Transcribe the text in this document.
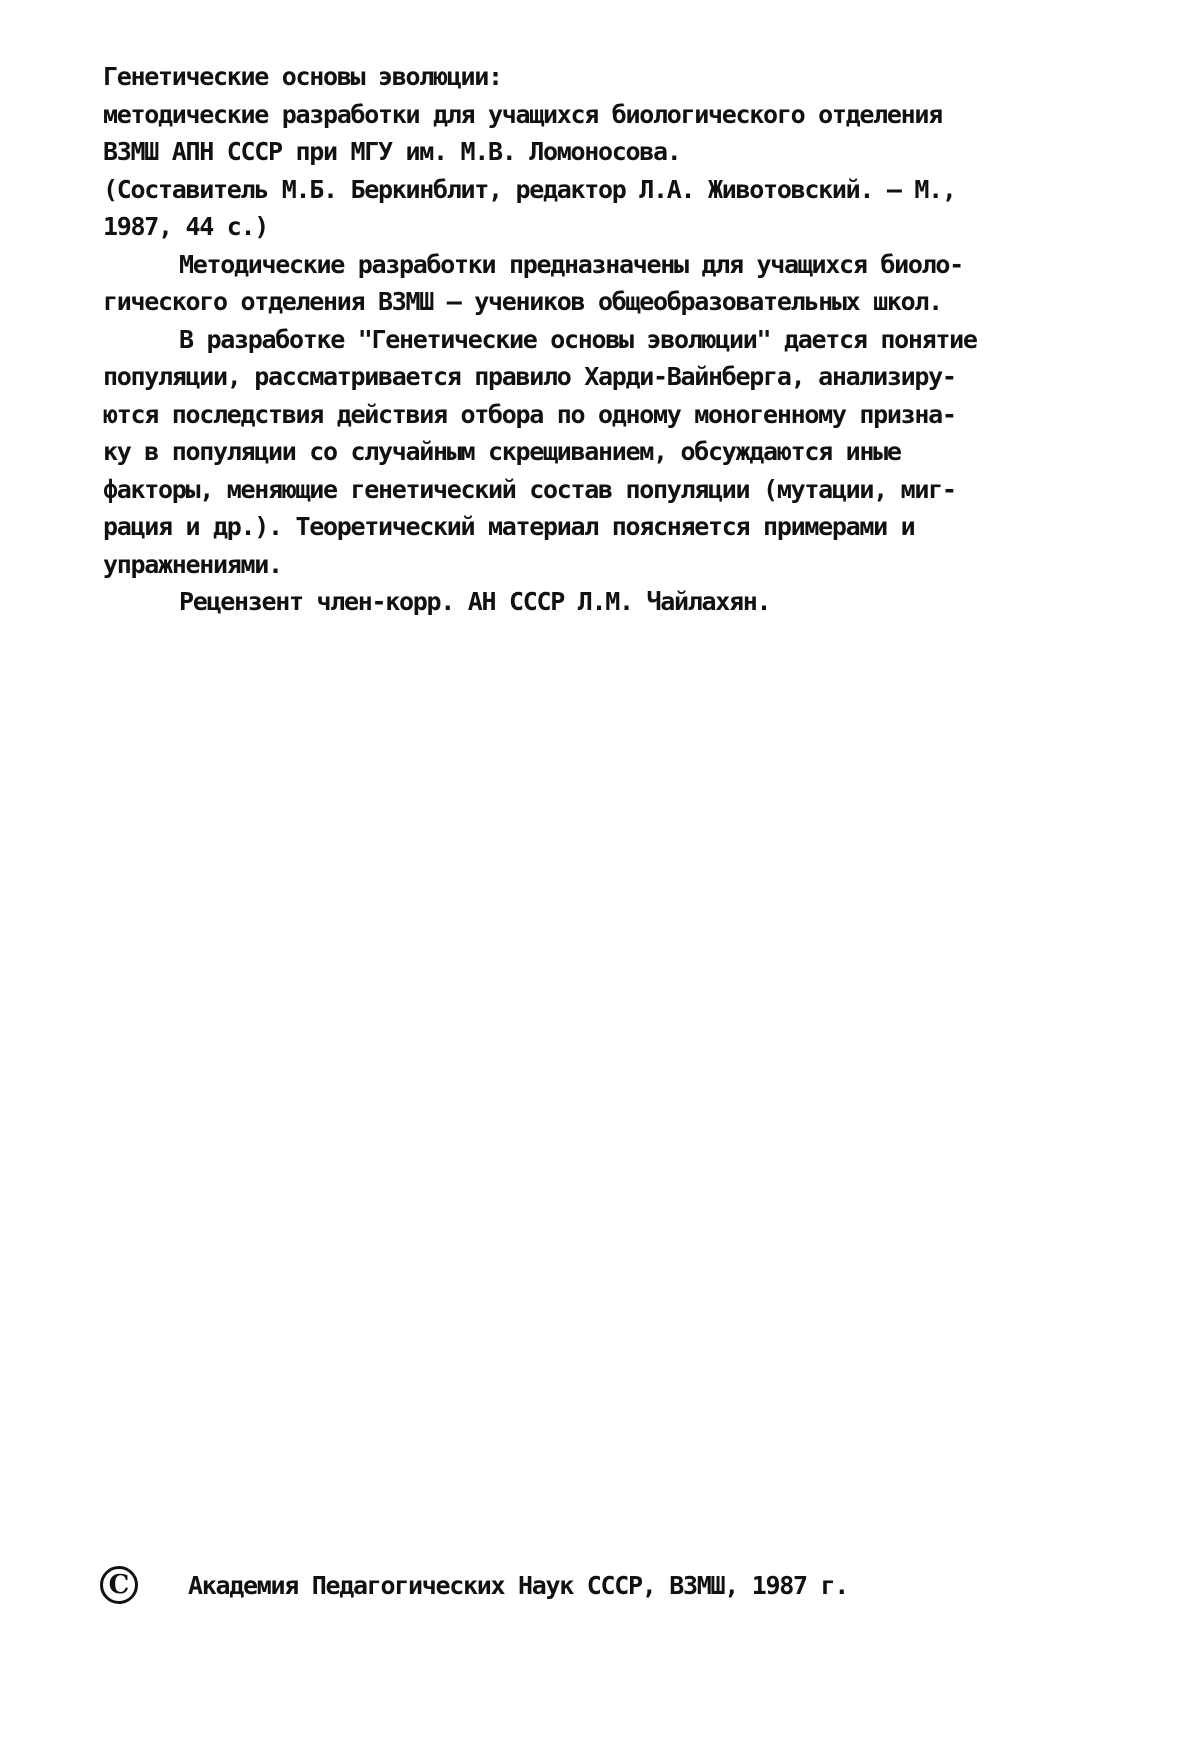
Генетические основы эволюции:
методические разработки для учащихся биологического отделения
ВЗМШ АПН СССР при МГУ им. М.В. Ломоносова.
(Составитель М.Б. Беркинблит, редактор Л.А. Животовский. – М.,
1987, 44 с.)
Методические разработки предназначены для учащихся биоло-
гического отделения ВЗМШ – учеников общеобразовательных школ.
В разработке "Генетические основы эволюции" дается понятие
популяции, рассматривается правило Харди-Вайнберга, анализиру-
ются последствия действия отбора по одному моногенному призна-
ку в популяции со случайным скрещиванием, обсуждаются иные
факторы, меняющие генетический состав популяции (мутации, миг-
рация и др.). Теоретический материал поясняется примерами и
упражнениями.
Рецензент член-корр. АН СССР Л.М. Чайлахян.
C	Академия Педагогических Наук СССР, ВЗМШ, 1987 г.
